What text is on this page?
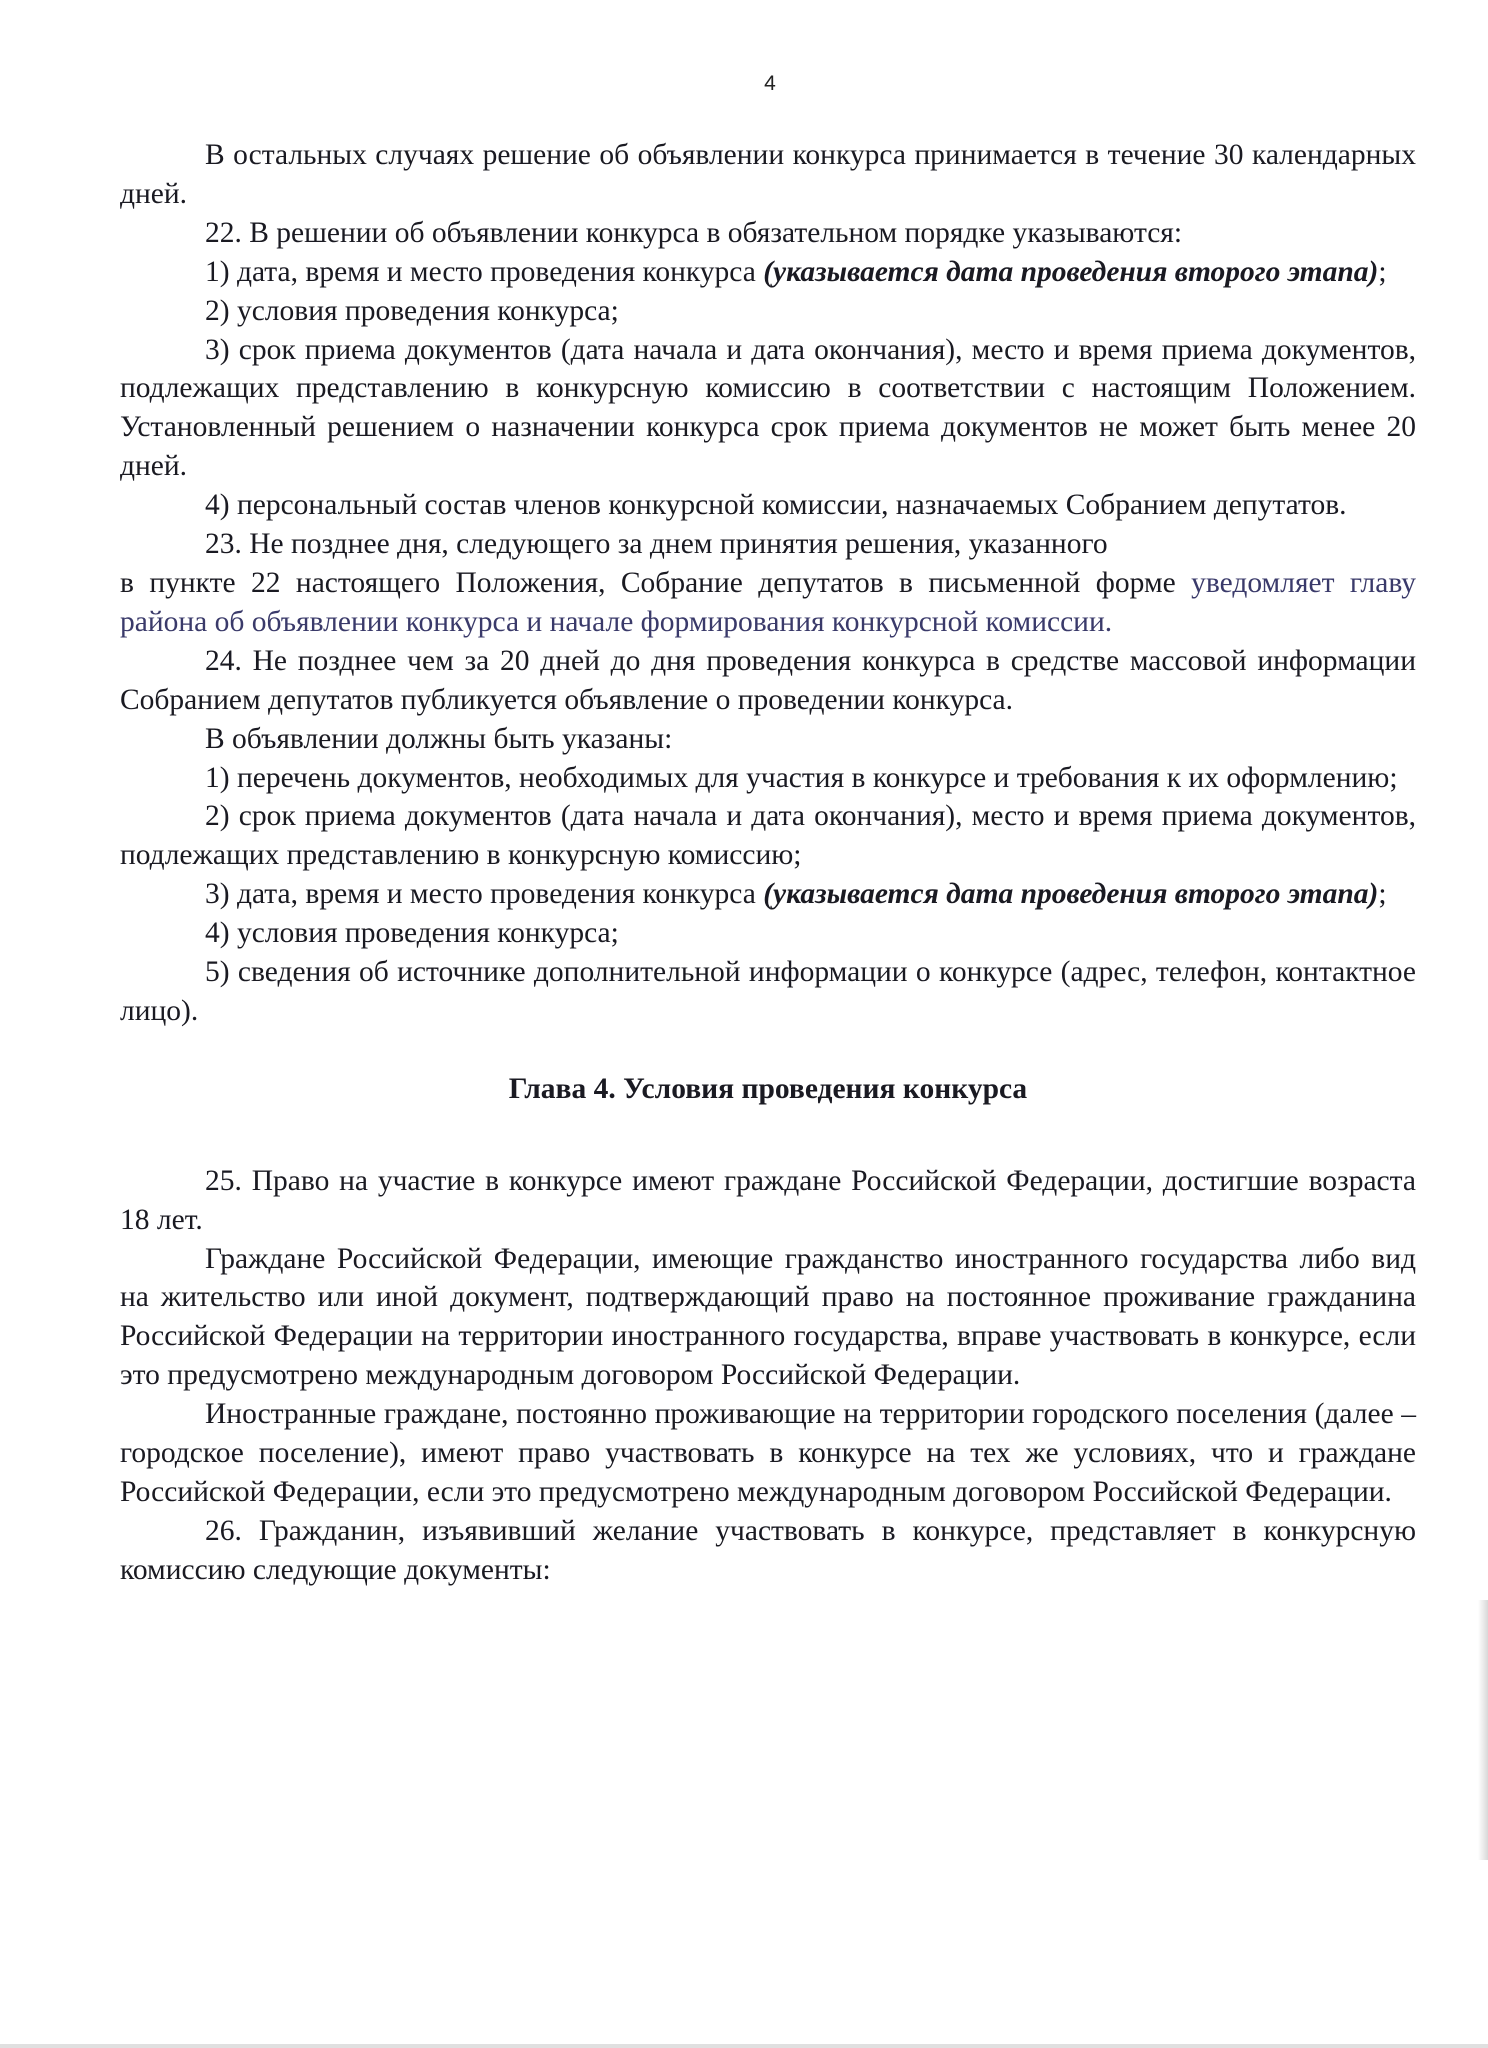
4

В остальных случаях решение об объявлении конкурса принимается в течение 30 календарных дней.

22. В решении об объявлении конкурса в обязательном порядке указываются:

1) дата, время и место проведения конкурса (указывается дата проведения второго этапа);

2) условия проведения конкурса;

3) срок приема документов (дата начала и дата окончания), место и время приема документов, подлежащих представлению в конкурсную комиссию в соответствии с настоящим Положением. Установленный решением о назначении конкурса срок приема документов не может быть менее 20 дней.

4) персональный состав членов конкурсной комиссии, назначаемых Собранием депутатов.

23. Не позднее дня, следующего за днем принятия решения, указанного

в пункте 22 настоящего Положения, Собрание депутатов в письменной форме уведомляет главу района об объявлении конкурса и начале формирования конкурсной комиссии.

24. Не позднее чем за 20 дней до дня проведения конкурса в средстве массовой информации Собранием депутатов публикуется объявление о проведении конкурса.

В объявлении должны быть указаны:

1) перечень документов, необходимых для участия в конкурсе и требования к их оформлению;

2) срок приема документов (дата начала и дата окончания), место и время приема документов, подлежащих представлению в конкурсную комиссию;

3) дата, время и место проведения конкурса (указывается дата проведения второго этапа);

4) условия проведения конкурса;

5) сведения об источнике дополнительной информации о конкурсе (адрес, телефон, контактное лицо).

Глава 4. Условия проведения конкурса

25. Право на участие в конкурсе имеют граждане Российской Федерации, достигшие возраста 18 лет.

Граждане Российской Федерации, имеющие гражданство иностранного государства либо вид на жительство или иной документ, подтверждающий право на постоянное проживание гражданина Российской Федерации на территории иностранного государства, вправе участвовать в конкурсе, если это предусмотрено международным договором Российской Федерации.

Иностранные граждане, постоянно проживающие на территории городского поселения (далее – городское поселение), имеют право участвовать в конкурсе на тех же условиях, что и граждане Российской Федерации, если это предусмотрено международным договором Российской Федерации.

26. Гражданин, изъявивший желание участвовать в конкурсе, представляет в конкурсную комиссию следующие документы:
